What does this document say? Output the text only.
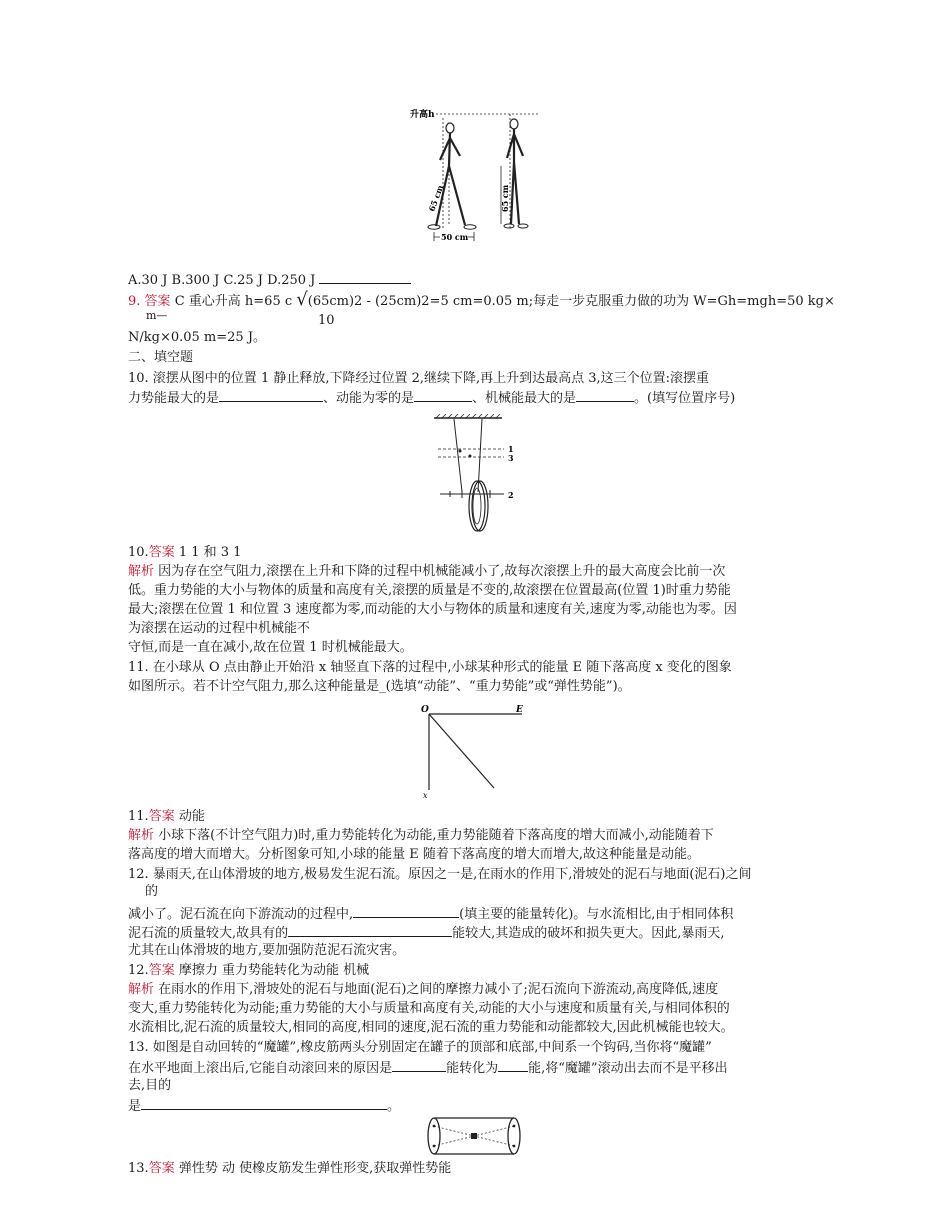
升高h
65 cm	65 cm
50 cm
A.30 J B.300 J C.25 J D.250 J
9. 答案 C 重心升高 h=65 c √(65cm)2 - (25cm)2=5 cm=0.05 m;每走一步克服重力做的功为 W=Gh=mgh=50 kg×
m—	10
N/kg×0.05 m=25 J。
二、填空题
10. 滚摆从图中的位置 1 静止释放,下降经过位置 2,继续下降,再上升到达最高点 3,这三个位置:滚摆重
力势能最大的是	、动能为零的是	、机械能最大的是	。(填写位置序号)
1
3
2
10.答案 1 1 和 3 1
解析 因为存在空气阻力,滚摆在上升和下降的过程中机械能减小了,故每次滚摆上升的最大高度会比前一次
低。重力势能的大小与物体的质量和高度有关,滚摆的质量是不变的,故滚摆在位置最高(位置 1)时重力势能
最大;滚摆在位置 1 和位置 3 速度都为零,而动能的大小与物体的质量和速度有关,速度为零,动能也为零。因
为滚摆在运动的过程中机械能不
守恒,而是一直在减小,故在位置 1 时机械能最大。
11. 在小球从 O 点由静止开始沿 x 轴竖直下落的过程中,小球某种形式的能量 E 随下落高度 x 变化的图象
如图所示。若不计空气阻力,那么这种能量是_(选填“动能”、“重力势能”或“弹性势能”)。
O	E
x
11.答案 动能
解析 小球下落(不计空气阻力)时,重力势能转化为动能,重力势能随着下落高度的增大而减小,动能随着下
落高度的增大而增大。分析图象可知,小球的能量 E 随着下落高度的增大而增大,故这种能量是动能。
12. 暴雨天,在山体滑坡的地方,极易发生泥石流。原因之一是,在雨水的作用下,滑坡处的泥石与地面(泥石)之间
的
减小了。泥石流在向下游流动的过程中,	(填主要的能量转化)。与水流相比,由于相同体积
泥石流的质量较大,故具有的	能较大,其造成的破坏和损失更大。因此,暴雨天,
尤其在山体滑坡的地方,要加强防范泥石流灾害。
12.答案 摩擦力 重力势能转化为动能 机械
解析 在雨水的作用下,滑坡处的泥石与地面(泥石)之间的摩擦力减小了;泥石流向下游流动,高度降低,速度
变大,重力势能转化为动能;重力势能的大小与质量和高度有关,动能的大小与速度和质量有关,与相同体积的
水流相比,泥石流的质量较大,相同的高度,相同的速度,泥石流的重力势能和动能都较大,因此机械能也较大。
13. 如图是自动回转的“魔罐”,橡皮筋两头分别固定在罐子的顶部和底部,中间系一个钩码,当你将“魔罐”
在水平地面上滚出后,它能自动滚回来的原因是	能转化为 能,将“魔罐”滚动出去而不是平移出
去,目的
是	。
13.答案 弹性势 动 使橡皮筋发生弹性形变,获取弹性势能
